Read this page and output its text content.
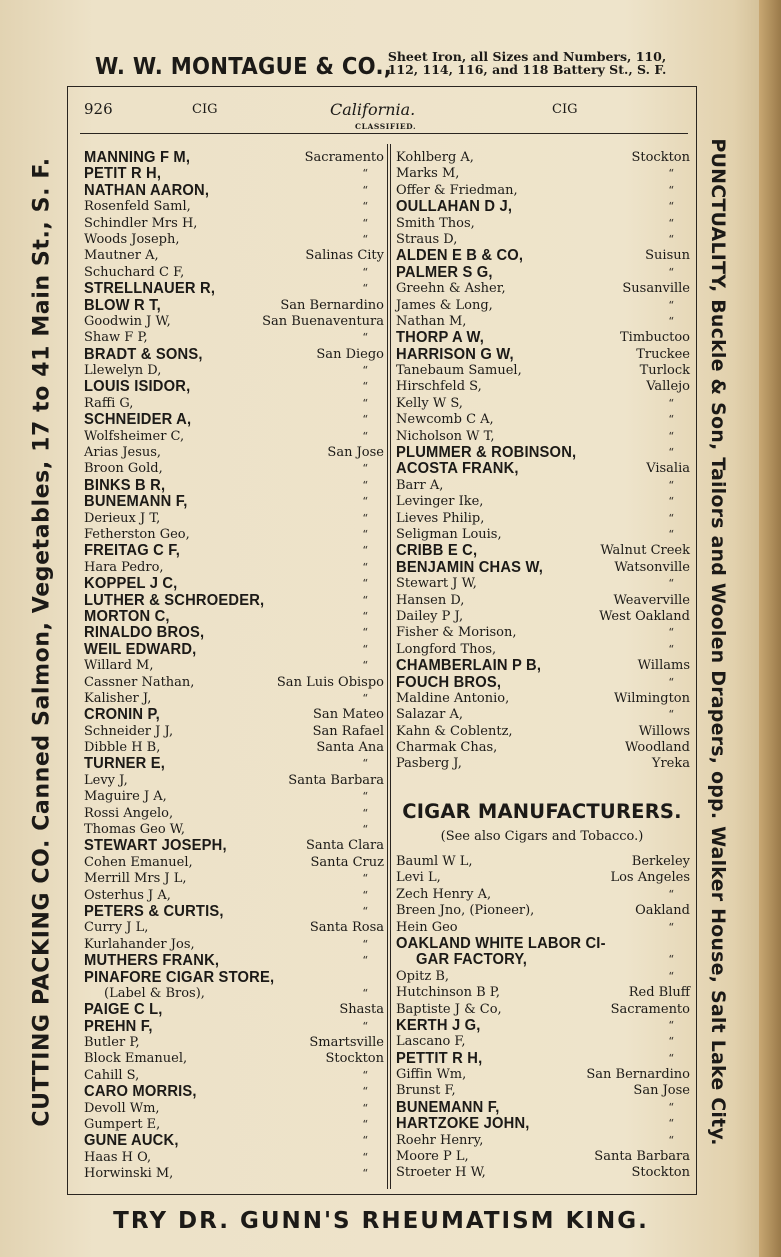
W. W. MONTAGUE & CO.,
Sheet Iron, all Sizes and Numbers, 110,
112, 114, 116, and 118 Battery St., S. F.
CUTTING PACKING CO. Canned Salmon, Vegetables, 17 to 41 Main St., S. F.	PUNCTUALITY, Buckle & Son, Tailors and Woolen Drapers, opp. Walker House, Salt Lake City.
926	CIG	California.
CLASSIFIED.
CIG
MANNING F M,	Sacramento
PETIT R H,	“
NATHAN AARON,	“
Rosenfeld Saml,	“
Schindler Mrs H,	“
Woods Joseph,	“
Mautner A,	Salinas City
Schuchard C F,	“
STRELLNAUER R,	“
BLOW R T,	San Bernardino
Goodwin J W,	San Buenaventura
Shaw F P,	“
BRADT & SONS,	San Diego
Llewelyn D,	“
LOUIS ISIDOR,	“
Raffi G,	“
SCHNEIDER A,	“
Wolfsheimer C,	“
Arias Jesus,	San Jose
Broon Gold,	“
BINKS B R,	“
BUNEMANN F,	“
Derieux J T,	“
Fetherston Geo,	“
FREITAG C F,	“
Hara Pedro,	“
KOPPEL J C,	“
LUTHER & SCHROEDER,	“
MORTON C,	“
RINALDO BROS,	“
WEIL EDWARD,	“
Willard M,	“
Cassner Nathan,	San Luis Obispo
Kalisher J,	“
CRONIN P,	San Mateo
Schneider J J,	San Rafael
Dibble H B,	Santa Ana
TURNER E,	“
Levy J,	Santa Barbara
Maguire J A,	“
Rossi Angelo,	“
Thomas Geo W,	“
STEWART JOSEPH,	Santa Clara
Cohen Emanuel,	Santa Cruz
Merrill Mrs J L,	“
Osterhus J A,	“
PETERS & CURTIS,	“
Curry J L,	Santa Rosa
Kurlahander Jos,	“
MUTHERS FRANK,	“
PINAFORE CIGAR STORE,
(Label & Bros),	“
PAIGE C L,	Shasta
PREHN F,	“
Butler P,	Smartsville
Block Emanuel,	Stockton
Cahill S,	“
CARO MORRIS,	“
Devoll Wm,	“
Gumpert E,	“
GUNE AUCK,	“
Haas H O,	“
Horwinski M,	“
Kohlberg A,	Stockton
Marks M,	“
Offer & Friedman,	“
OULLAHAN D J,	“
Smith Thos,	“
Straus D,	“
ALDEN E B & CO,	Suisun
PALMER S G,	“
Greehn & Asher,	Susanville
James & Long,	“
Nathan M,	“
THORP A W,	Timbuctoo
HARRISON G W,	Truckee
Tanebaum Samuel,	Turlock
Hirschfeld S,	Vallejo
Kelly W S,	“
Newcomb C A,	“
Nicholson W T,	“
PLUMMER & ROBINSON,	“
ACOSTA FRANK,	Visalia
Barr A,	“
Levinger Ike,	“
Lieves Philip,	“
Seligman Louis,	“
CRIBB E C,	Walnut Creek
BENJAMIN CHAS W,	Watsonville
Stewart J W,	“
Hansen D,	Weaverville
Dailey P J,	West Oakland
Fisher & Morison,	“
Longford Thos,	“
CHAMBERLAIN P B,	Willams
FOUCH BROS,	“
Maldine Antonio,	Wilmington
Salazar A,	“
Kahn & Coblentz,	Willows
Charmak Chas,	Woodland
Pasberg J,	Yreka
CIGAR MANUFACTURERS.
(See also Cigars and Tobacco.)
Bauml W L,	Berkeley
Levi L,	Los Angeles
Zech Henry A,	“
Breen Jno, (Pioneer),	Oakland
Hein Geo	“
OAKLAND WHITE LABOR CI-
GAR FACTORY,	“
Opitz B,	“
Hutchinson B P,	Red Bluff
Baptiste J & Co,	Sacramento
KERTH J G,	“
Lascano F,	“
PETTIT R H,	“
Giffin Wm,	San Bernardino
Brunst F,	San Jose
BUNEMANN F,	“
HARTZOKE JOHN,	“
Roehr Henry,	“
Moore P L,	Santa Barbara
Stroeter H W,	Stockton
TRY DR. GUNN'S RHEUMATISM KING.
